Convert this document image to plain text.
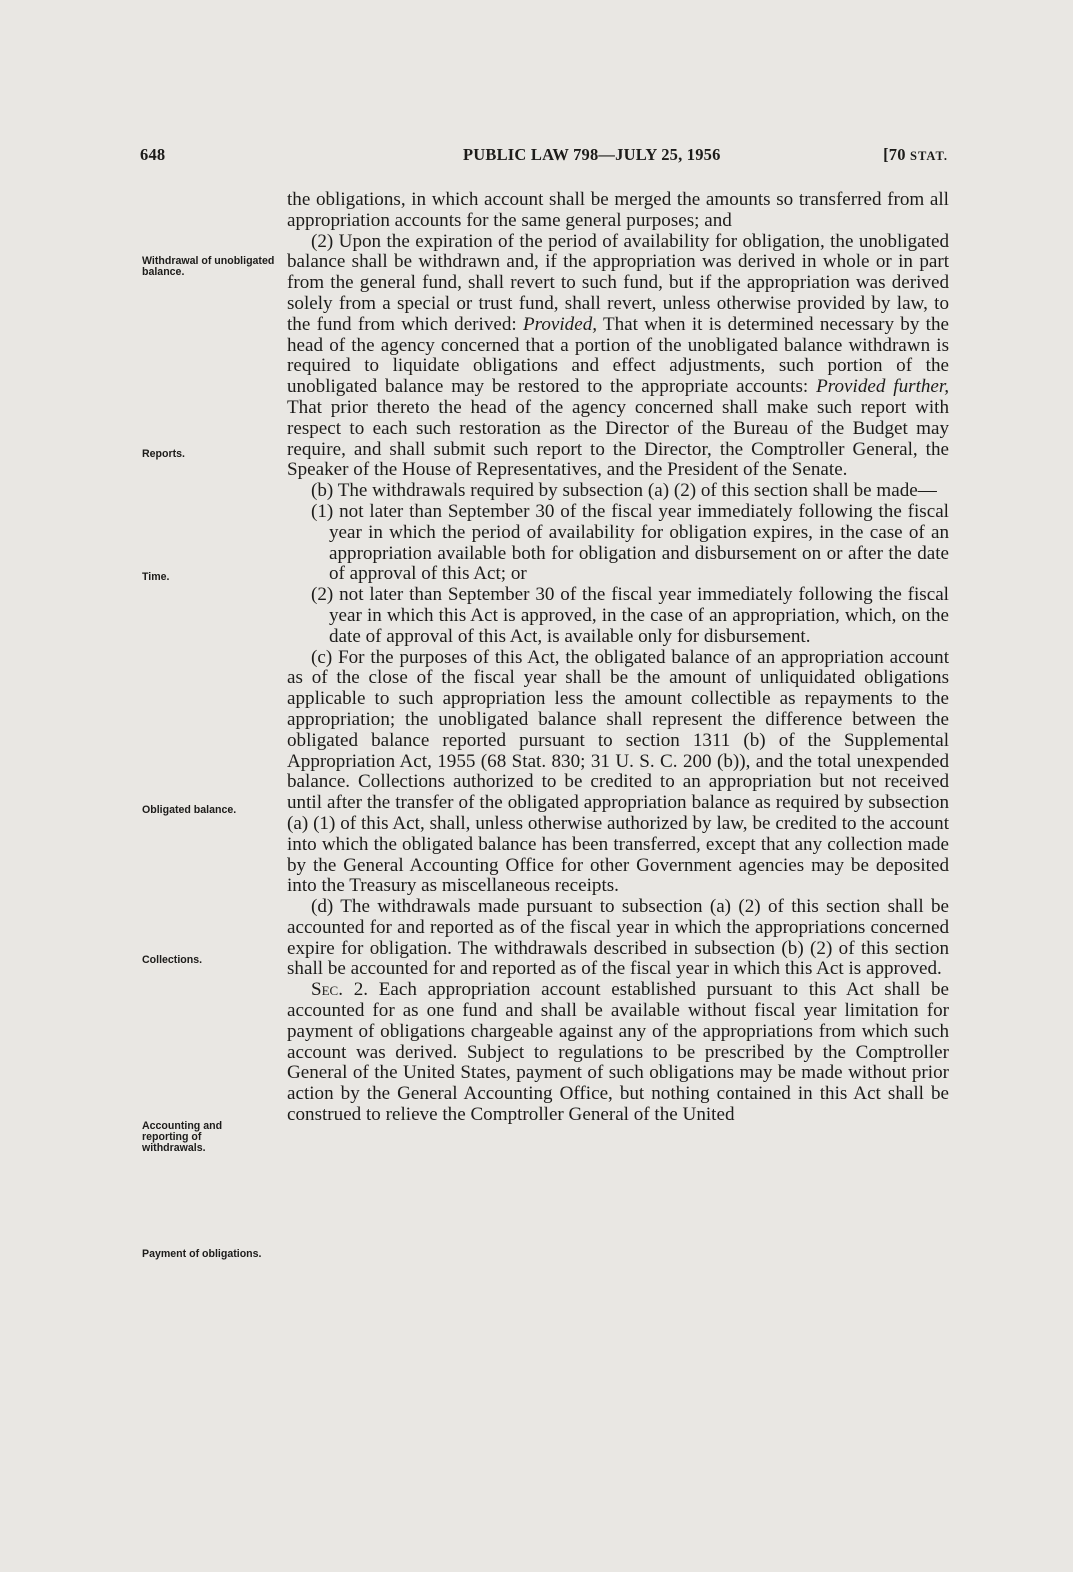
648	PUBLIC LAW 798—JULY 25, 1956	[70 STAT.
Withdrawal of unobligated balance.
Reports.
Time.
Obligated balance.
Collections.
Accounting and reporting of withdrawals.
Payment of obligations.

the obligations, in which account shall be merged the amounts so transferred from all appropriation accounts for the same general purposes; and

(2) Upon the expiration of the period of availability for obligation, the unobligated balance shall be withdrawn and, if the appropriation was derived in whole or in part from the general fund, shall revert to such fund, but if the appropriation was derived solely from a special or trust fund, shall revert, unless otherwise provided by law, to the fund from which derived: Provided, That when it is determined necessary by the head of the agency concerned that a portion of the unobligated balance withdrawn is required to liquidate obligations and effect adjustments, such portion of the unobligated balance may be restored to the appropriate accounts: Provided further, That prior thereto the head of the agency concerned shall make such report with respect to each such restoration as the Director of the Bureau of the Budget may require, and shall submit such report to the Director, the Comptroller General, the Speaker of the House of Representatives, and the President of the Senate.

(b) The withdrawals required by subsection (a) (2) of this section shall be made—

(1) not later than September 30 of the fiscal year immediately following the fiscal year in which the period of availability for obligation expires, in the case of an appropriation available both for obligation and disbursement on or after the date of approval of this Act; or

(2) not later than September 30 of the fiscal year immediately following the fiscal year in which this Act is approved, in the case of an appropriation, which, on the date of approval of this Act, is available only for disbursement.

(c) For the purposes of this Act, the obligated balance of an appropriation account as of the close of the fiscal year shall be the amount of unliquidated obligations applicable to such appropriation less the amount collectible as repayments to the appropriation; the unobligated balance shall represent the difference between the obligated balance reported pursuant to section 1311 (b) of the Supplemental Appropriation Act, 1955 (68 Stat. 830; 31 U. S. C. 200 (b)), and the total unexpended balance. Collections authorized to be credited to an appropriation but not received until after the transfer of the obligated appropriation balance as required by subsection (a) (1) of this Act, shall, unless otherwise authorized by law, be credited to the account into which the obligated balance has been transferred, except that any collection made by the General Accounting Office for other Government agencies may be deposited into the Treasury as miscellaneous receipts.

(d) The withdrawals made pursuant to subsection (a) (2) of this section shall be accounted for and reported as of the fiscal year in which the appropriations concerned expire for obligation. The withdrawals described in subsection (b) (2) of this section shall be accounted for and reported as of the fiscal year in which this Act is approved.

Sec. 2. Each appropriation account established pursuant to this Act shall be accounted for as one fund and shall be available without fiscal year limitation for payment of obligations chargeable against any of the appropriations from which such account was derived. Subject to regulations to be prescribed by the Comptroller General of the United States, payment of such obligations may be made without prior action by the General Accounting Office, but nothing contained in this Act shall be construed to relieve the Comptroller General of the United
